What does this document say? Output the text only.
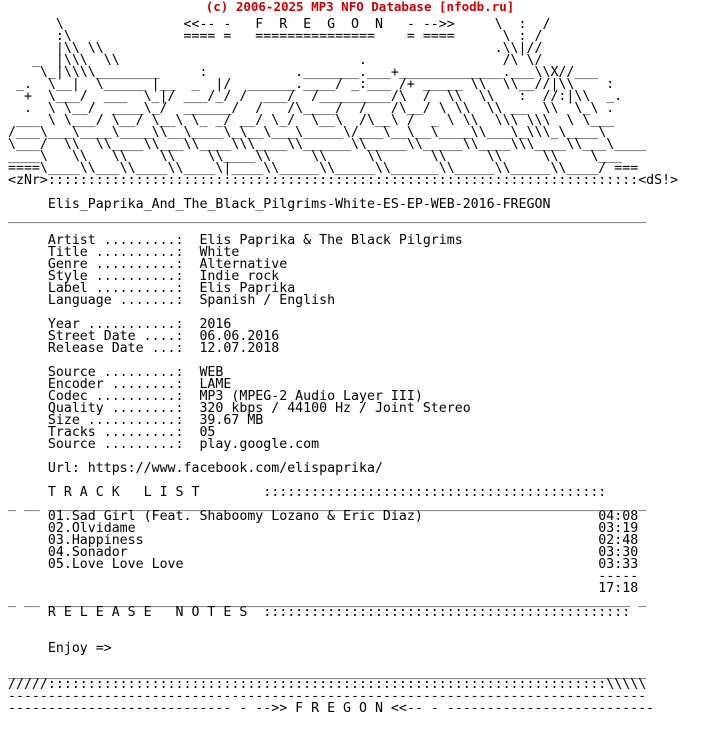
(c) 2006-2025 MP3 NFO Database [nfodb.ru]
\               <<-- -   F  R  E  G  O  N   - -->>     \  :  /
:\              ==== =   ===============    = ====      \ : /
|\\ \\                                                 .\\|//
_  |\\\  \\                              .                 /\ \/
\_|\\\\________     :           ._______.___+_____________.___\\X//___
_.  \__|  \_____ |__  _  |/  ______.____/ _:___ /+ _____ \\  \\__//|\\    :
+  \___/  ___  \_|/ ___/_/ /  ___/  /_________/\  /  \\  \\   :  //:|\\  _.
.  \ \__/  ____\_/  ______/  /   /\____/  /   /\__/ \ \\  \\ __  \\  \_\ .
___ \ \___/ \__/ \__\ \_ _/ __/ \_/  \__\  /\__\ /  _ \ \\  \\\ \\\  \ \___
/___\___\____\____\\__\____\_\__\___\_____\/___\__\__\____\\___\_\\\_\____\
\___/  \\  \\____\\___\\____\\\____\\______\\_____\\_____\\____\\\____\\___\____
____\   \\   \\    \\    \\____\\     \\     \\      \\     \\     \\    \___
====\____\\___\\____\\____\|____\\_____\\_____\\______\\_____\\_____\\____/ ===
<zNr>::::::::::::::::::::::::::::::::::::::::::::::::::::::::::::::::::::::::::<dS!>

Elis_Paprika_And_The_Black_Pilgrims-White-ES-EP-WEB-2016-FREGON
________________________________________________________________________________

Artist .........:  Elis Paprika & The Black Pilgrims
Title ..........:  White
Genre ..........:  Alternative
Style ..........:  Indie rock
Label ..........:  Elis Paprika
Language .......:  Spanish / English

Year ...........:  2016
Street Date ....:  06.06.2016
Release Date ...:  12.07.2018

Source .........:  WEB
Encoder ........:  LAME
Codec ..........:  MP3 (MPEG-2 Audio Layer III)
Quality ........:  320 kbps / 44100 Hz / Joint Stereo
Size ...........:  39.67 MB
Tracks .........:  05
Source .........:  play.google.com

Url: https://www.facebook.com/elispaprika/

T R A C K   L I S T        :::::::::::::::::::::::::::::::::::::::::::
_ __ _________________________________________________________________________ _
01.Sad Girl (Feat. Shaboomy Lozano & Eric Diaz)                      04:08
02.Olvidame                                                          03:19
03.Happiness                                                         02:48
04.Sonador                                                           03:30
05.Love Love Love                                                    03:33
-----
17:18
_ __ _________________________________________________________________________ _
R E L E A S E   N O T E S  ::::::::::::::::::::::::::::::::::::::::::::::

Enjoy =>

________________________________________________________________________________
/////::::::::::::::::::::::::::::::::::::::::::::::::::::::::::::::::::::::\\\\\
--------------------------------------------------------------------------------
---------------------------- - -->> F R E G O N <<-- - --------------------------
